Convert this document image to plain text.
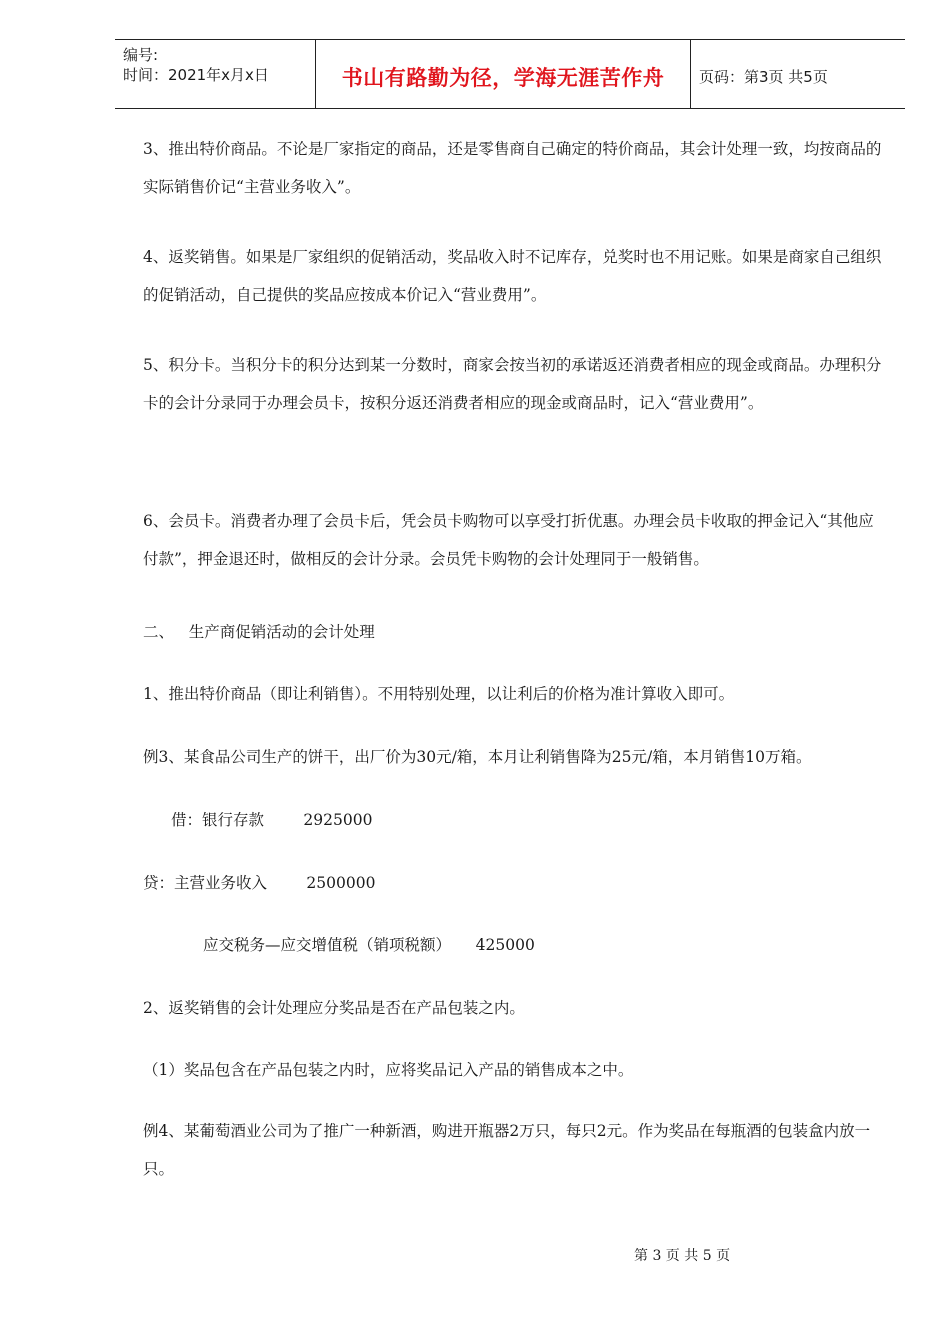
编号:
时间：2021年x月x日	书山有路勤为径，学海无涯苦作舟	页码：第3页 共5页
3、推出特价商品。不论是厂家指定的商品，还是零售商自己确定的特价商品，其会计处理一致，均按商品的实际销售价记“主营业务收入”。
4、返奖销售。如果是厂家组织的促销活动，奖品收入时不记库存，兑奖时也不用记账。如果是商家自己组织的促销活动，自己提供的奖品应按成本价记入“营业费用”。
5、积分卡。当积分卡的积分达到某一分数时，商家会按当初的承诺返还消费者相应的现金或商品。办理积分卡的会计分录同于办理会员卡，按积分返还消费者相应的现金或商品时，记入“营业费用”。
6、会员卡。消费者办理了会员卡后，凭会员卡购物可以享受打折优惠。办理会员卡收取的押金记入“其他应付款”，押金退还时，做相反的会计分录。会员凭卡购物的会计处理同于一般销售。
二、   生产商促销活动的会计处理
1、推出特价商品（即让利销售）。不用特别处理，以让利后的价格为准计算收入即可。
例3、某食品公司生产的饼干，出厂价为30元/箱，本月让利销售降为25元/箱，本月销售10万箱。
借：银行存款        2925000
贷：主营业务收入        2500000
应交税务—应交增值税（销项税额）     425000
2、返奖销售的会计处理应分奖品是否在产品包装之内。
（1）奖品包含在产品包装之内时，应将奖品记入产品的销售成本之中。
例4、某葡萄酒业公司为了推广一种新酒，购进开瓶器2万只，每只2元。作为奖品在每瓶酒的包装盒内放一只。
第 3 页 共 5 页
